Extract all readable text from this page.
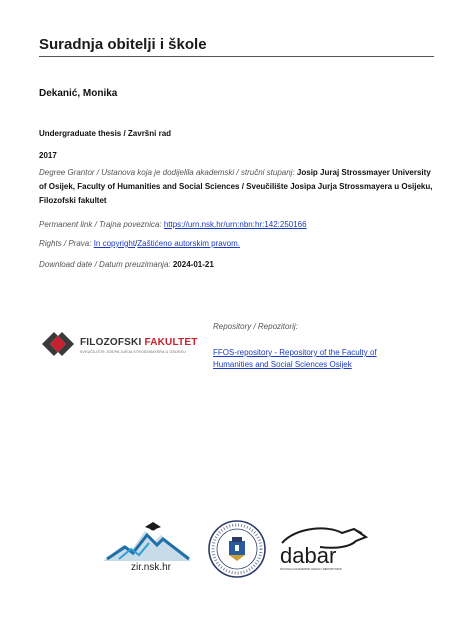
Suradnja obitelji i škole
Dekanić, Monika
Undergraduate thesis / Završni rad
2017
Degree Grantor / Ustanova koja je dodijelila akademski / stručni stupanj: Josip Juraj Strossmayer University of Osijek, Faculty of Humanities and Social Sciences / Sveučilište Josipa Jurja Strossmayera u Osijeku, Filozofski fakultet
Permanent link / Trajna poveznica: https://urn.nsk.hr/urn:nbn:hr:142:250166
Rights / Prava: In copyright/Zaštićeno autorskim pravom.
Download date / Datum preuzimanja: 2024-01-21
FILOZOFSKI FAKULTET
SVEUČILIŠTE JOSIPA JURJA STROSSMAYERA U OSIJEKU
Repository / Repozitorij:
FFOS-repository - Repository of the Faculty of Humanities and Social Sciences Osijek
zir.nsk.hr	dabar
DIGITALNI AKADEMSKI ARHIVI I REPOZITORIJI
